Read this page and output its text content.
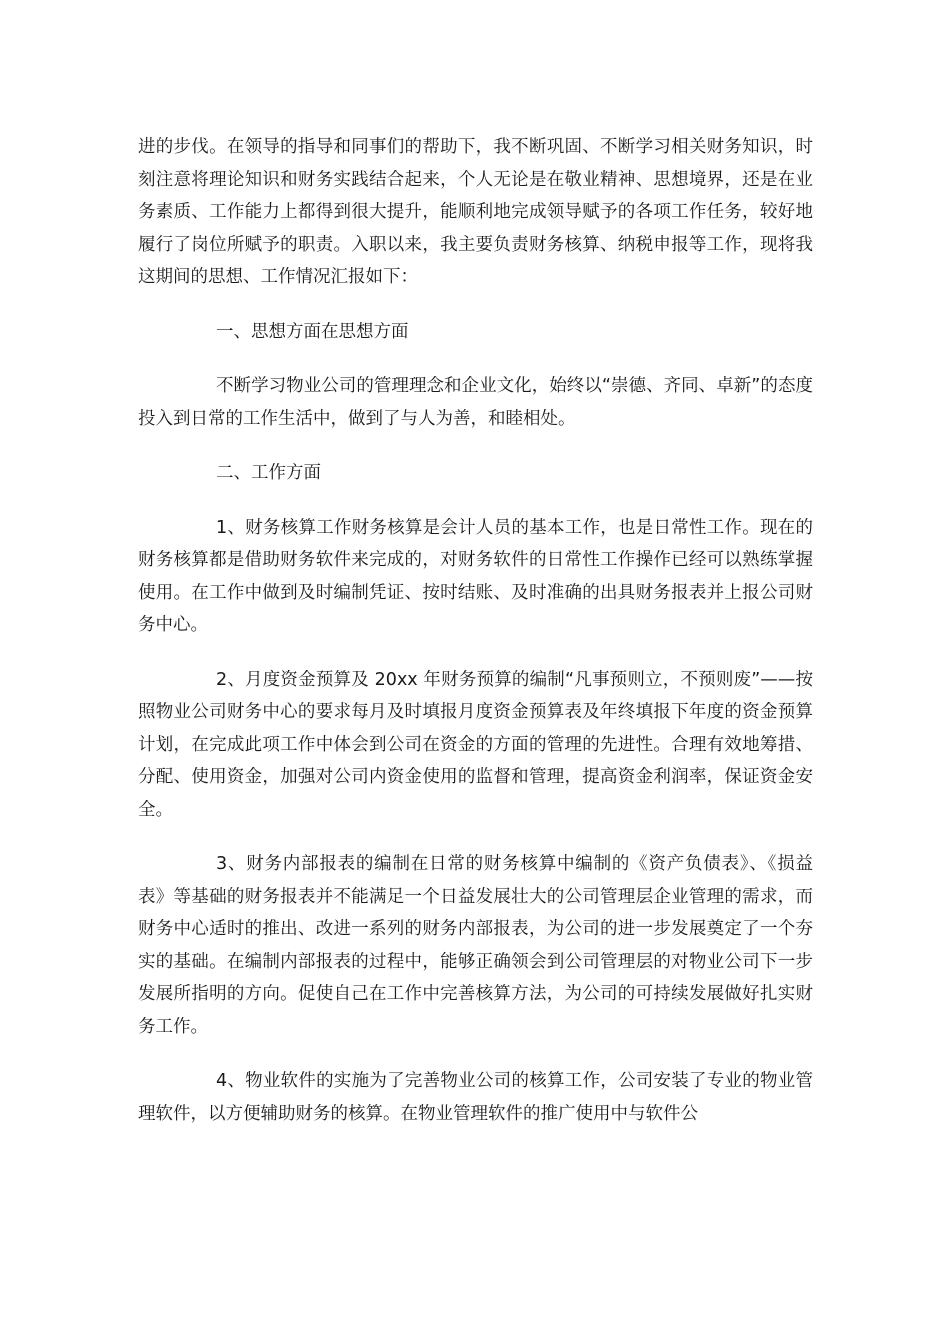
进的步伐。在领导的指导和同事们的帮助下，我不断巩固、不断学习相关财务知识，时刻注意将理论知识和财务实践结合起来，个人无论是在敬业精神、思想境界，还是在业务素质、工作能力上都得到很大提升，能顺利地完成领导赋予的各项工作任务，较好地履行了岗位所赋予的职责。入职以来，我主要负责财务核算、纳税申报等工作，现将我这期间的思想、工作情况汇报如下：

一、思想方面在思想方面

不断学习物业公司的管理理念和企业文化，始终以“崇德、齐同、卓新”的态度投入到日常的工作生活中，做到了与人为善，和睦相处。

二、工作方面

1、财务核算工作财务核算是会计人员的基本工作，也是日常性工作。现在的财务核算都是借助财务软件来完成的，对财务软件的日常性工作操作已经可以熟练掌握使用。在工作中做到及时编制凭证、按时结账、及时准确的出具财务报表并上报公司财务中心。

2、月度资金预算及 20xx 年财务预算的编制“凡事预则立，不预则废”——按照物业公司财务中心的要求每月及时填报月度资金预算表及年终填报下年度的资金预算计划，在完成此项工作中体会到公司在资金的方面的管理的先进性。合理有效地筹措、分配、使用资金，加强对公司内资金使用的监督和管理，提高资金利润率，保证资金安全。

3、财务内部报表的编制在日常的财务核算中编制的《资产负债表》、《损益表》等基础的财务报表并不能满足一个日益发展壮大的公司管理层企业管理的需求，而财务中心适时的推出、改进一系列的财务内部报表，为公司的进一步发展奠定了一个夯实的基础。在编制内部报表的过程中，能够正确领会到公司管理层的对物业公司下一步发展所指明的方向。促使自己在工作中完善核算方法，为公司的可持续发展做好扎实财务工作。

4、物业软件的实施为了完善物业公司的核算工作，公司安装了专业的物业管理软件，以方便辅助财务的核算。在物业管理软件的推广使用中与软件公
